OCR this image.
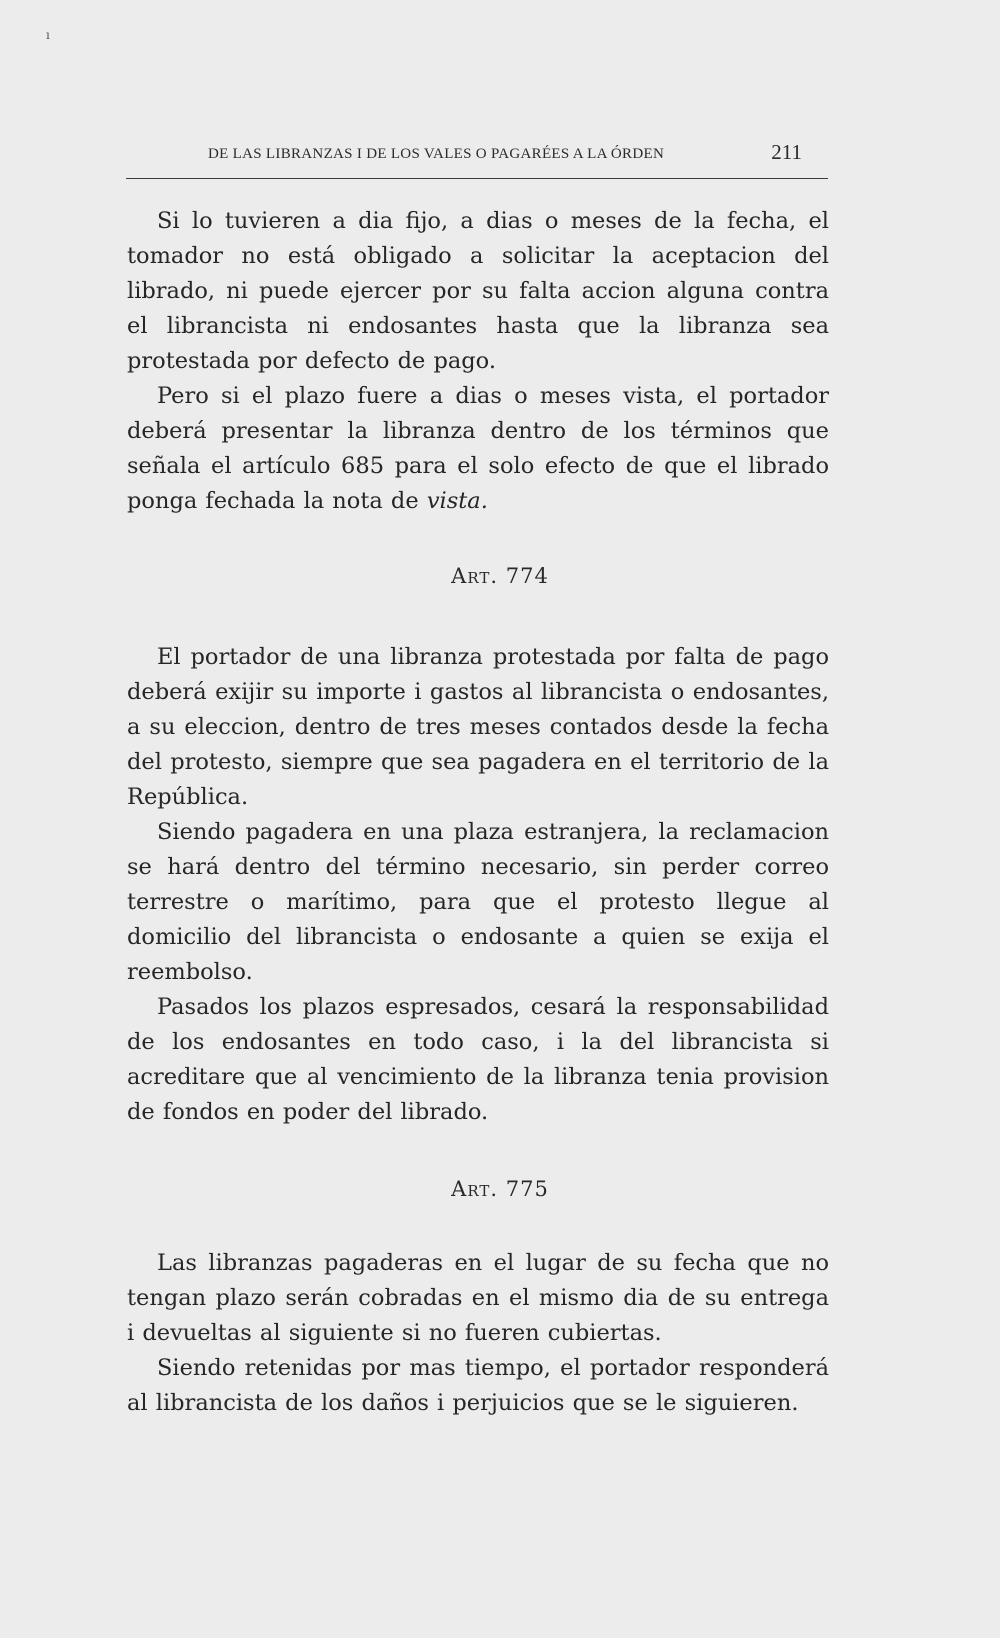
ı
DE LAS LIBRANZAS I DE LOS VALES O PAGARÉES A LA ÓRDEN	211

Si lo tuvieren a dia fijo, a dias o meses de la fecha, el tomador no está obligado a solicitar la aceptacion del librado, ni puede ejercer por su falta accion alguna contra el librancista ni endosantes hasta que la libranza sea protestada por defecto de pago.

Pero si el plazo fuere a dias o meses vista, el portador deberá presentar la libranza dentro de los términos que señala el artículo 685 para el solo efecto de que el librado ponga fechada la nota de vista.

Art. 774

El portador de una libranza protestada por falta de pago deberá exijir su importe i gastos al librancista o endosantes, a su eleccion, dentro de tres meses contados desde la fecha del protesto, siempre que sea pagadera en el territorio de la República.

Siendo pagadera en una plaza estranjera, la reclamacion se hará dentro del término necesario, sin perder correo terrestre o marítimo, para que el protesto llegue al domicilio del librancista o endosante a quien se exija el reembolso.

Pasados los plazos espresados, cesará la responsabilidad de los endosantes en todo caso, i la del librancista si acreditare que al vencimiento de la libranza tenia provision de fondos en poder del librado.

Art. 775

Las libranzas pagaderas en el lugar de su fecha que no tengan plazo serán cobradas en el mismo dia de su entrega i devueltas al siguiente si no fueren cubiertas.

Siendo retenidas por mas tiempo, el portador responderá al librancista de los daños i perjuicios que se le siguieren.
